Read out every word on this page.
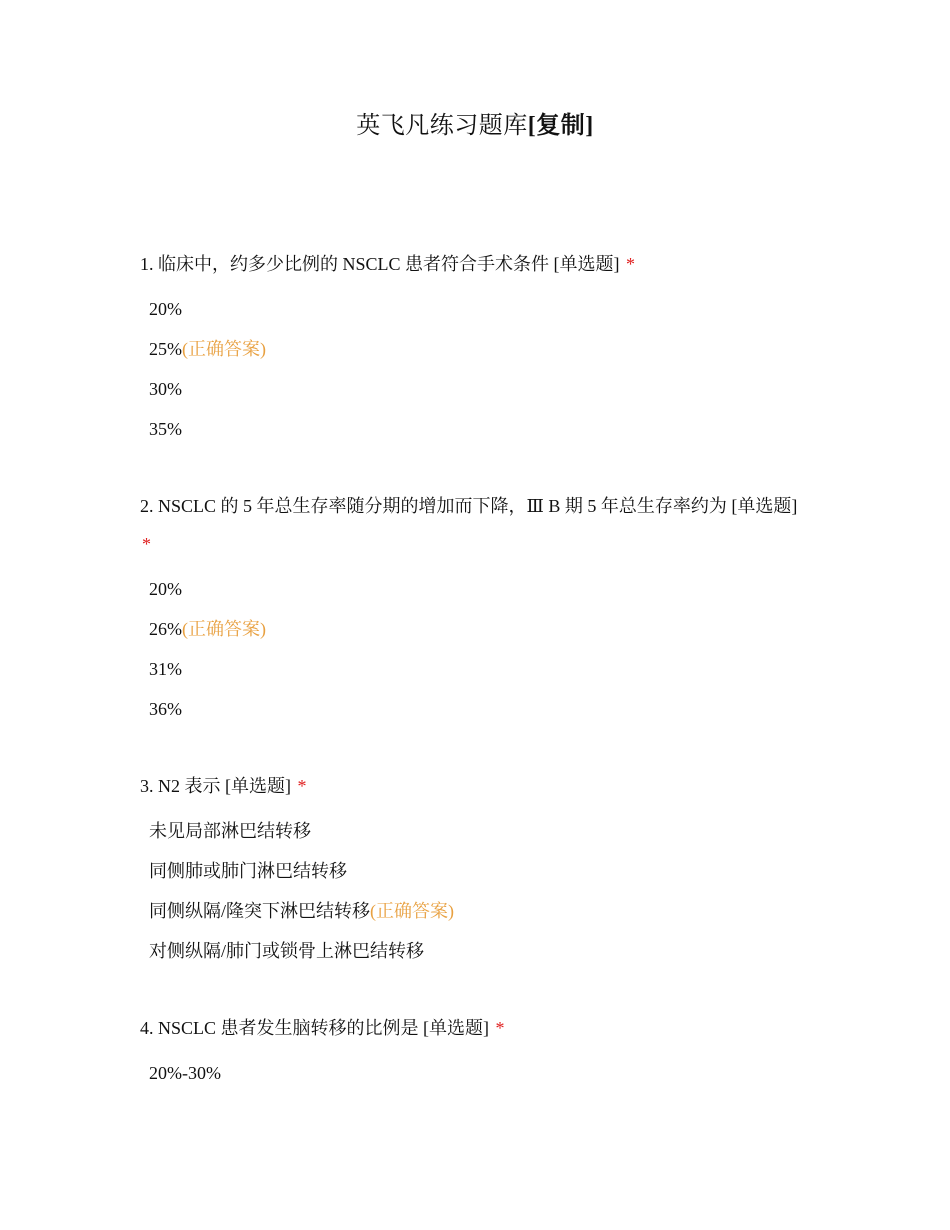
英飞凡练习题库[复制]

1. 临床中，约多少比例的 NSCLC 患者符合手术条件 [单选题] *

20%
25%(正确答案)
30%
35%

2. NSCLC 的 5 年总生存率随分期的增加而下降，Ⅲ B 期 5 年总生存率约为 [单选题] *

20%
26%(正确答案)
31%
36%

3. N2 表示 [单选题] *

未见局部淋巴结转移
同侧肺或肺门淋巴结转移
同侧纵隔/隆突下淋巴结转移(正确答案)
对侧纵隔/肺门或锁骨上淋巴结转移

4. NSCLC 患者发生脑转移的比例是 [单选题] *

20%-30%
